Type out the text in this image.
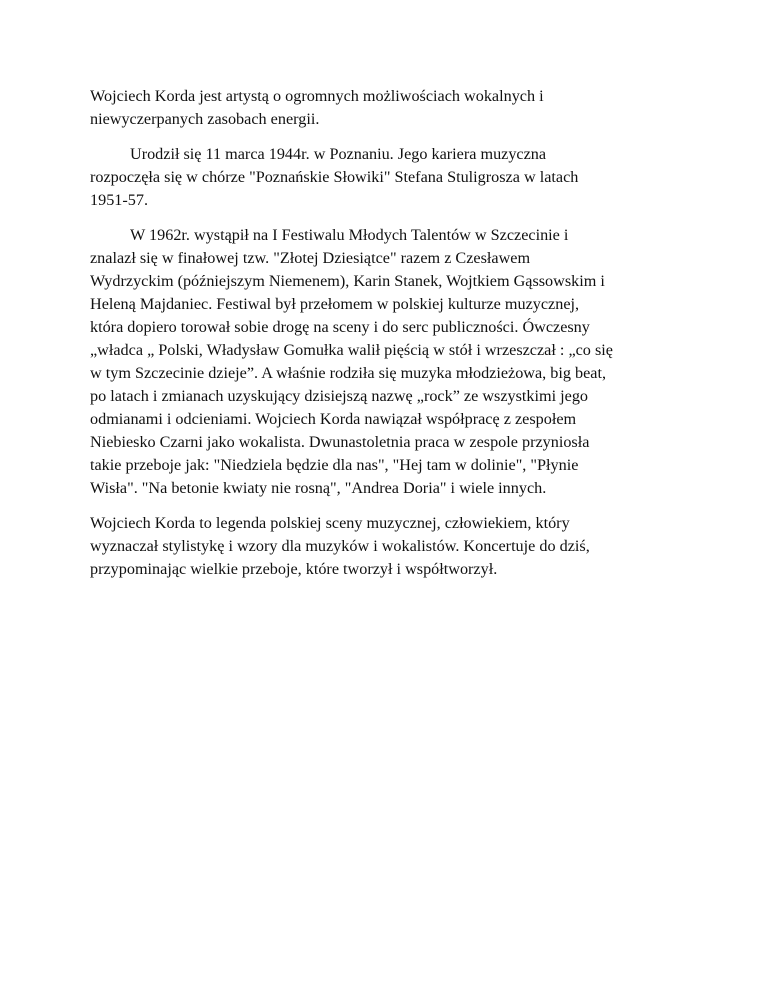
Wojciech Korda jest artystą o ogromnych możliwościach wokalnych i
niewyczerpanych zasobach energii.

Urodził się 11 marca 1944r. w Poznaniu. Jego kariera muzyczna
rozpoczęła się w chórze "Poznańskie Słowiki" Stefana Stuligrosza w latach
1951-57.

W 1962r. wystąpił na I Festiwalu Młodych Talentów w Szczecinie i
znalazł się w finałowej tzw. "Złotej Dziesiątce" razem z Czesławem
Wydrzyckim (późniejszym Niemenem), Karin Stanek, Wojtkiem Gąssowskim i
Heleną Majdaniec. Festiwal był przełomem w polskiej kulturze muzycznej,
która dopiero torował sobie drogę na sceny i do serc publiczności. Ówczesny
„władca „ Polski, Władysław Gomułka walił pięścią w stół i wrzeszczał : „co się
w tym Szczecinie dzieje”. A właśnie rodziła się muzyka młodzieżowa, big beat,
po latach i zmianach uzyskujący dzisiejszą nazwę „rock” ze wszystkimi jego
odmianami i odcieniami. Wojciech Korda nawiązał współpracę z zespołem
Niebiesko Czarni jako wokalista. Dwunastoletnia praca w zespole przyniosła
takie przeboje jak: "Niedziela będzie dla nas", "Hej tam w dolinie", "Płynie
Wisła". "Na betonie kwiaty nie rosną", "Andrea Doria" i wiele innych.

Wojciech Korda to legenda polskiej sceny muzycznej, człowiekiem, który
wyznaczał stylistykę i wzory dla muzyków i wokalistów. Koncertuje do dziś,
przypominając wielkie przeboje, które tworzył i współtworzył.
